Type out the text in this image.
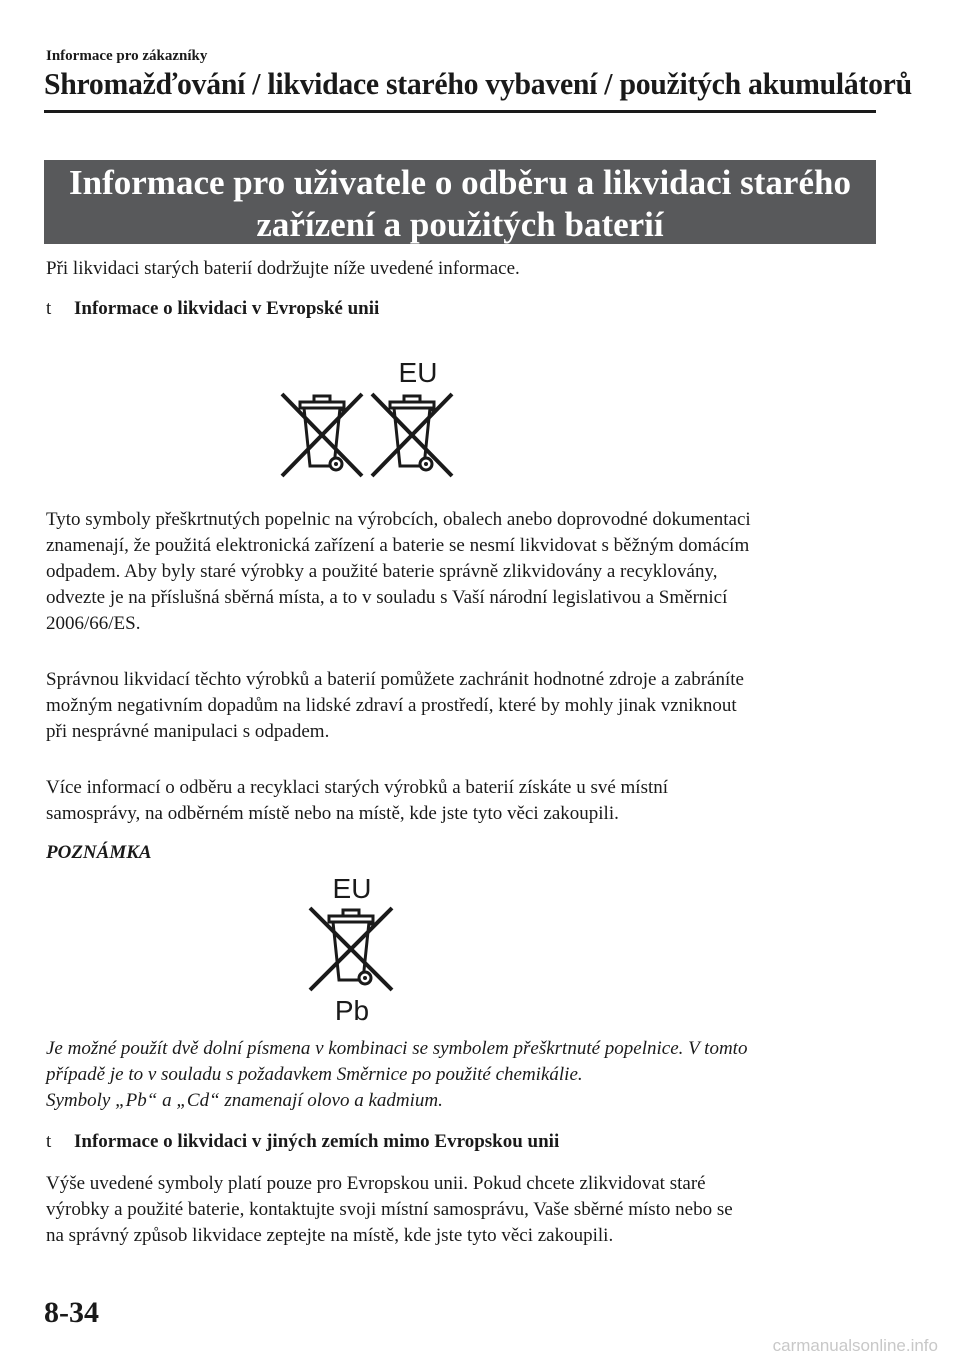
Informace pro zákazníky
Shromažďování / likvidace starého vybavení / použitých akumulátorů
Informace pro uživatele o odběru a likvidaci starého
zařízení a použitých baterií
Při likvidaci starých baterií dodržujte níže uvedené informace.
t Informace o likvidaci v Evropské unii
EU
Tyto symboly přeškrtnutých popelnic na výrobcích, obalech anebo doprovodné dokumentaci
znamenají, že použitá elektronická zařízení a baterie se nesmí likvidovat s běžným domácím
odpadem. Aby byly staré výrobky a použité baterie správně zlikvidovány a recyklovány,
odvezte je na příslušná sběrná místa, a to v souladu s Vaší národní legislativou a Směrnicí
2006/66/ES.
Správnou likvidací těchto výrobků a baterií pomůžete zachránit hodnotné zdroje a zabráníte
možným negativním dopadům na lidské zdraví a prostředí, které by mohly jinak vzniknout
při nesprávné manipulaci s odpadem.
Více informací o odběru a recyklaci starých výrobků a baterií získáte u své místní
samosprávy, na odběrném místě nebo na místě, kde jste tyto věci zakoupili.
POZNÁMKA
EU
Pb
Je možné použít dvě dolní písmena v kombinaci se symbolem přeškrtnuté popelnice. V tomto
případě je to v souladu s požadavkem Směrnice po použité chemikálie.
Symboly „Pb“ a „Cd“ znamenají olovo a kadmium.
t Informace o likvidaci v jiných zemích mimo Evropskou unii
Výše uvedené symboly platí pouze pro Evropskou unii. Pokud chcete zlikvidovat staré
výrobky a použité baterie, kontaktujte svoji místní samosprávu, Vaše sběrné místo nebo se
na správný způsob likvidace zeptejte na místě, kde jste tyto věci zakoupili.
8-34
carmanualsonline.info
